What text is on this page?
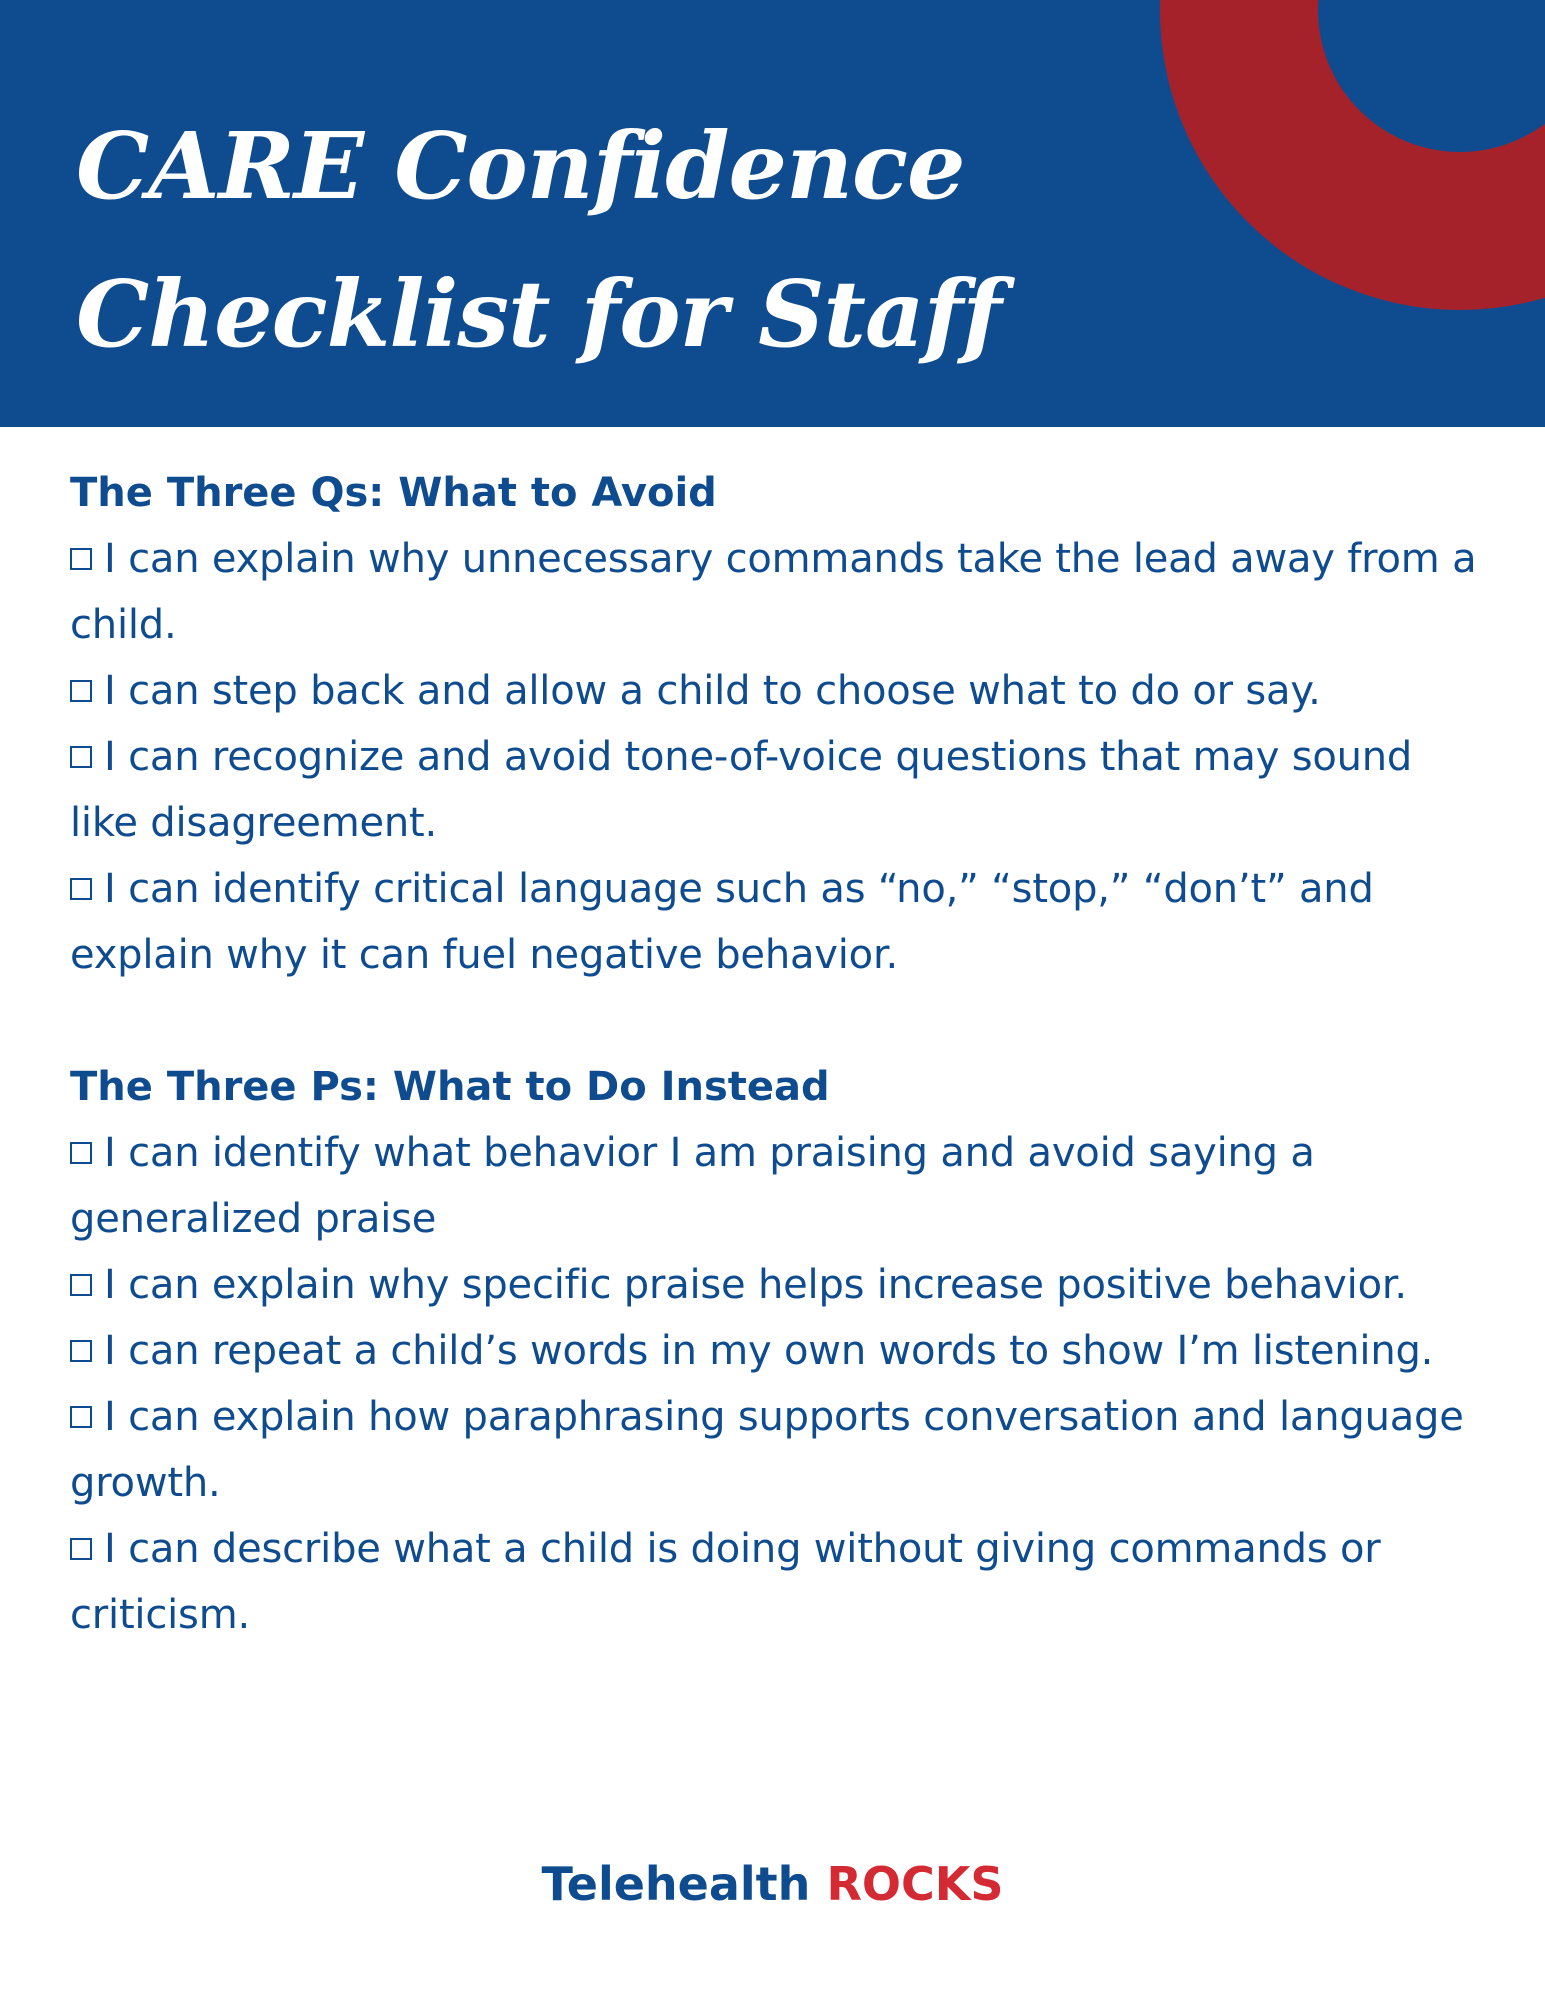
CARE Confidence
Checklist for Staff

The Three Qs: What to Avoid

I can explain why unnecessary commands take the lead away from a child.

I can step back and allow a child to choose what to do or say.

I can recognize and avoid tone-of-voice questions that may sound like disagreement.

I can identify critical language such as “no,” “stop,” “don’t” and explain why it can fuel negative behavior.

The Three Ps: What to Do Instead

I can identify what behavior I am praising and avoid saying a generalized praise

I can explain why specific praise helps increase positive behavior.

I can repeat a child’s words in my own words to show I’m listening.

I can explain how paraphrasing supports conversation and language growth.

I can describe what a child is doing without giving commands or criticism.

Telehealth ROCKS
